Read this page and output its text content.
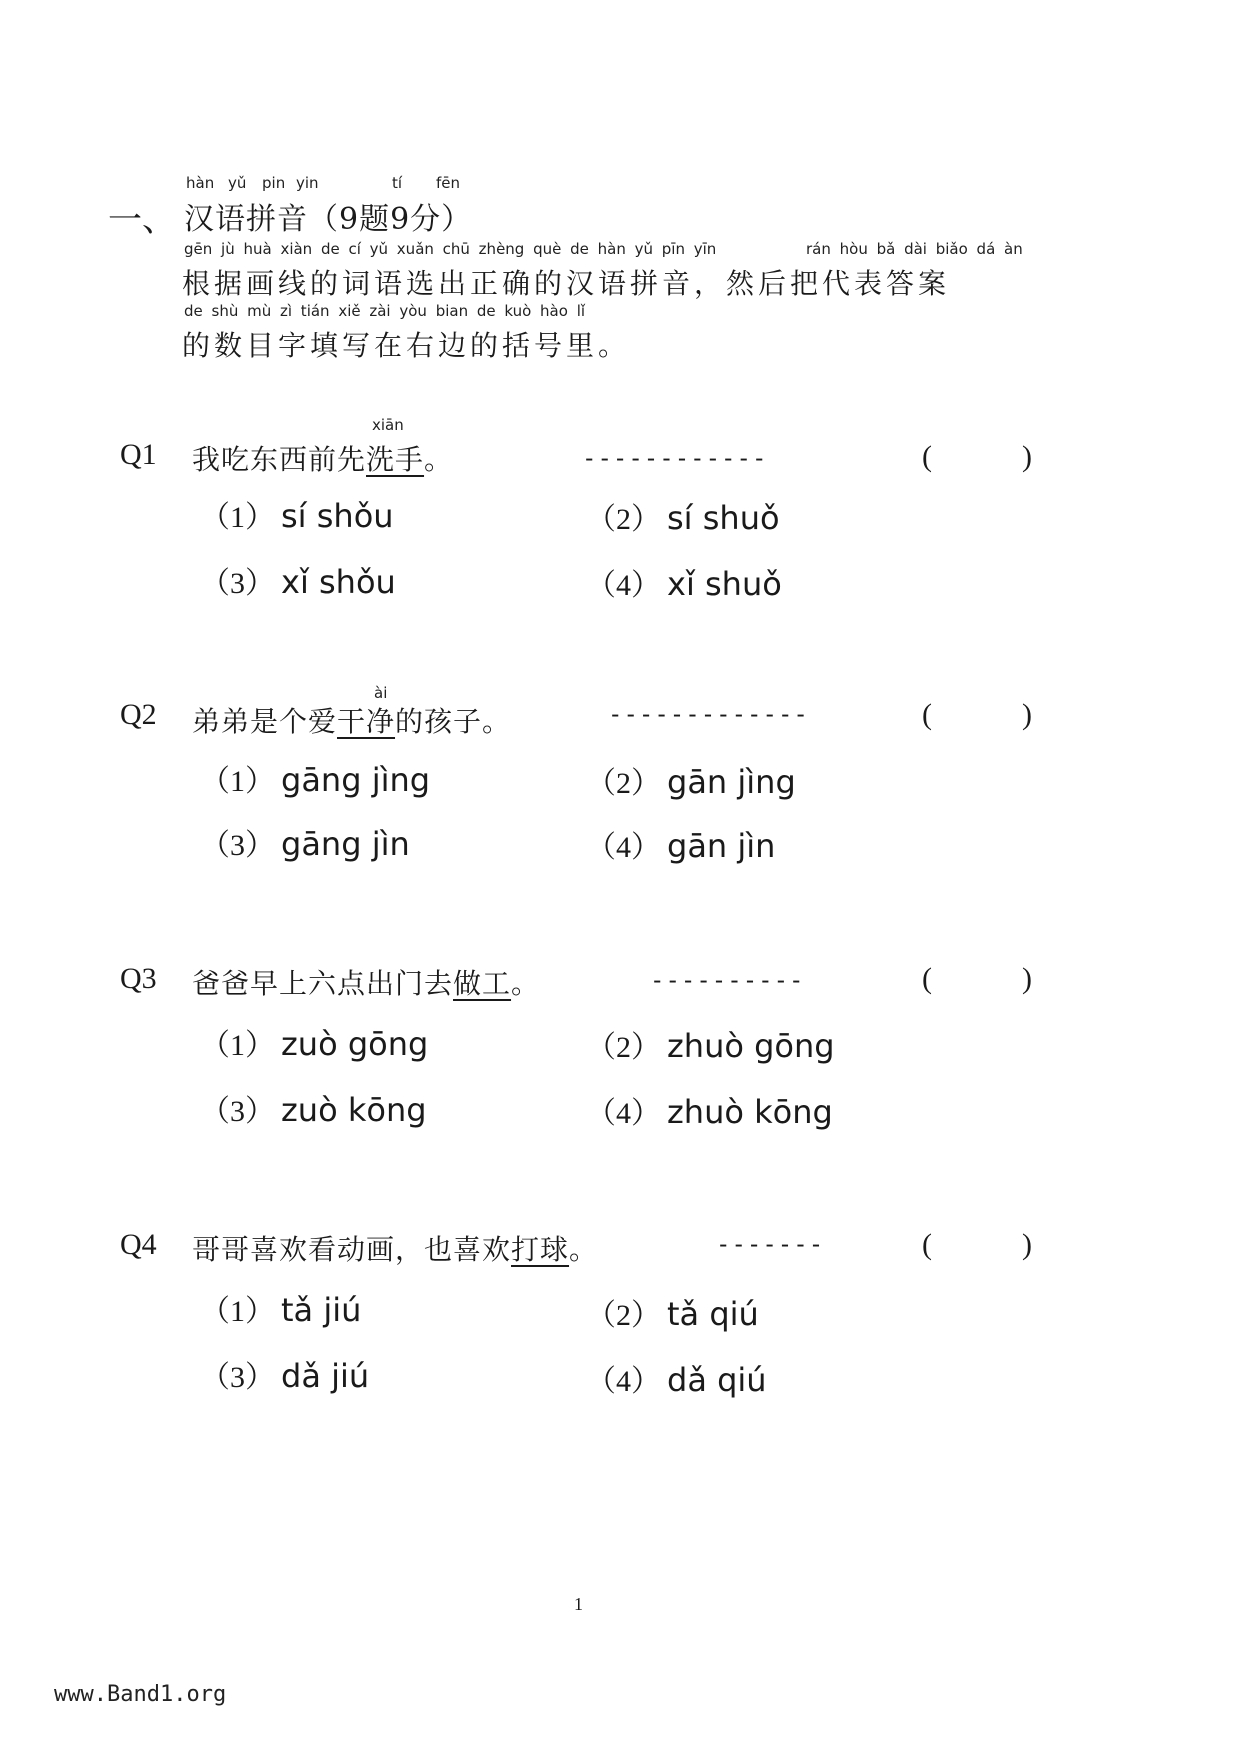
hàn yǔ pin yin	tí fēn
一、 汉语拼音（9题9分）
gēn jù huà xiàn de cí yǔ xuǎn chū zhèng què de hàn yǔ pīn yīn	rán hòu bǎ dài biǎo dá àn
根据画线的词语选出正确的汉语拼音，然后把代表答案
de shù mù zì tián xiě zài yòu bian de kuò hào lǐ
的数目字填写在右边的括号里。
xiān
Q1 我吃东西前先洗手。	------------	(	)
（1） sí shǒu	（2） sí shuǒ
（3） xǐ shǒu	（4） xǐ shuǒ
ài
Q2 弟弟是个爱干净的孩子。	-------------	(	)
（1） gāng jìng	（2） gān jìng
（3） gāng jìn	（4） gān jìn
Q3 爸爸早上六点出门去做工。	----------	(	)
（1） zuò gōng	（2） zhuò gōng
（3） zuò kōng	（4） zhuò kōng
Q4 哥哥喜欢看动画，也喜欢打球。	-------	(	)
（1） tǎ jiú	（2） tǎ qiú
（3） dǎ jiú	（4） dǎ qiú
1
www.Band1.org
